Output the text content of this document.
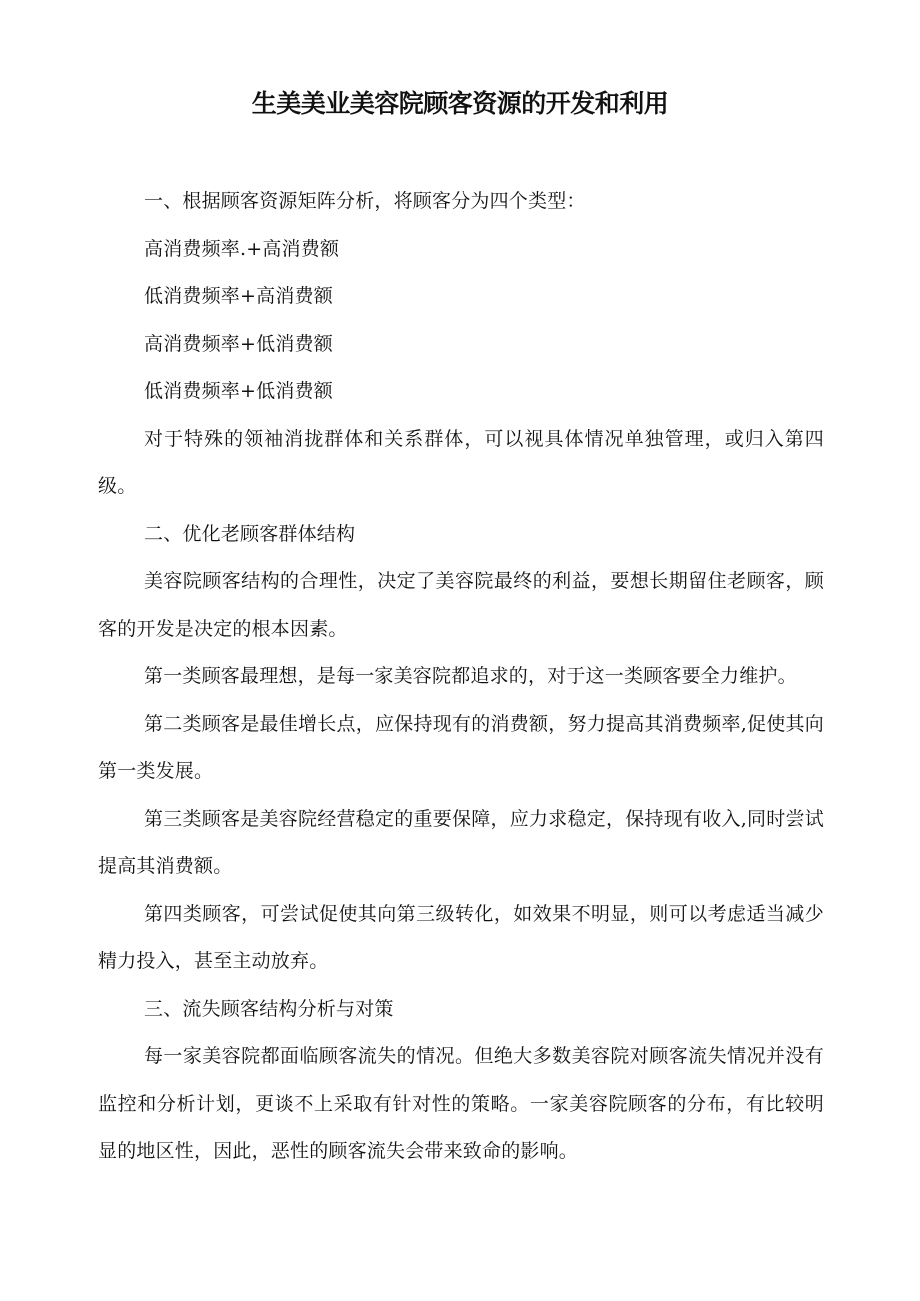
生美美业美容院顾客资源的开发和利用

一、根据顾客资源矩阵分析，将顾客分为四个类型：

高消费频率.+高消费额

低消费频率+高消费额

高消费频率+低消费额

低消费频率+低消费额

对于特殊的领袖消拢群体和关系群体，可以视具体情况单独管理，或归入第四级。

二、优化老顾客群体结构

美容院顾客结构的合理性，决定了美容院最终的利益，要想长期留住老顾客，顾客的开发是决定的根本因素。

第一类顾客最理想，是每一家美容院都追求的，对于这一类顾客要全力维护。

第二类顾客是最佳增长点，应保持现有的消费额，努力提高其消费频率,促使其向第一类发展。

第三类顾客是美容院经营稳定的重要保障，应力求稳定，保持现有收入,同时尝试提高其消费额。

第四类顾客，可尝试促使其向第三级转化，如效果不明显，则可以考虑适当减少精力投入，甚至主动放弃。

三、流失顾客结构分析与对策

每一家美容院都面临顾客流失的情况。但绝大多数美容院对顾客流失情况并没有监控和分析计划，更谈不上采取有针对性的策略。一家美容院顾客的分布，有比较明显的地区性，因此，恶性的顾客流失会带来致命的影响。
